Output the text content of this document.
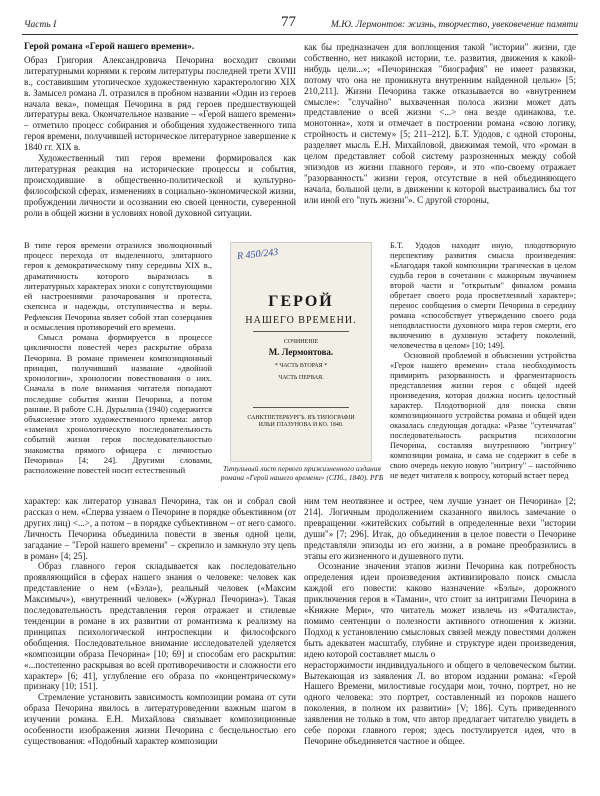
Часть I	77	М.Ю. Лермонтов: жизнь, творчество, увековечение памяти
Герой романа «Герой нашего времени».

Образ Григория Александровича Печорина восходит своими литературными корнями к героям литературы последней трети XVIII в., составившим утопическое художественную характерологию XIX в. Замысел романа Л. отразился в пробном названии «Один из героев начала века», помещая Печорина в ряд героев предшествующей литературы века. Окончательное название – «Герой нашего времени» – отметило процесс собирания и обобщения художественного типа героя времени, получившей историческое литературное завершение к 1840 гг. XIX в.

Художественный тип героя времени формировался как литературная реакция на исторические процессы и события, происходившие в общественно-политической и культурно-философской сферах, изменениях в социально-экономической жизни, пробуждении личности и осознании ею своей ценности, суверенной роли в общей жизни в условиях новой духовной ситуации.

В типе героя времени отразился эволюционный процесс перехода от выделенного, элитарного героя к демократическому типу середины XIX в., драматичность которого выразилась в литературных характерах эпохи с сопутствующими ей настроениями разочарования и протеста, скепсиса и надежды, отступничества и веры. Рефлексия Печорина являет собой этап созерцания и осмысления противоречий его времени.

Смысл романа формируется в процессе цикличности повестей через раскрытие образа Печорина. В романе применен композиционный принцип, получивший название «двойной хронологии», хронологии повествования о них. Сначала в поле внимания читателя попадают последние события жизни Печорина, а потом ранние. В работе С.Н. Дурылина (1940) содержится объяснение этого художественного приема: автор «заменил хронологическую последовательность событий жизни героя последовательностью знакомства прямого офицера с личностью Печорина» [4; 24]. Другими словами, расположение повестей носит естественный

R 450/243
ГЕРОЙ
НАШЕГО ВРЕМЕНИ.
СОЧИНЕНІЕ
М. Лермонтова.
* ЧАСТЬ ВТОРАЯ *
ЧАСТЬ ПЕРВАЯ.
САНКТПЕТЕРБУРГЪ. ВЪ ТИПОГРАФІИ ИЛЬИ ГЛАЗУНОВА И КО. 1840.
Титульный лист первого прижизненного издания романа «Герой нашего времени» (СПб., 1840). РГБ

характер: как литератор узнавал Печорина, так он и собрал свой рассказ о нем. «Сперва узнаем о Печорине в порядке объективном (от других лиц) <...>, а потом – в порядке субъективном – от него самого. Личность Печорина объединила повести в звенья одной цели, загадание – "Герой нашего времени" – скрепило и замкнуло эту цепь в роман» [4; 25].

Образ главного героя складывается как последовательно проявляющийся в сферах нашего знания о человеке: человек как представление о нем («Бэла»), реальный человек («Максим Максимыч»), «внутренний человек» («Журнал Печорина»). Такая последовательность представления героя отражает и стилевые тенденции в романе в их развитии от романтизма к реализму на принципах психологической интроспекции и философского обобщения. Последовательное внимание исследователей уделяется «композиции образа Печорина» [10; 69] и способам его раскрытия: «...постепенно раскрывая во всей противоречивости и сложности его характер» [6; 41], углубление его образа по «концентрическому» признаку [10; 151].

Стремление установить зависимость композиции романа от сути образа Печорина явилось в литературоведении важным шагом в изучении романа. Е.Н. Михайлова связывает композиционные особенности изображения жизни Печорина с бесцельностью его существования: «Подобный характер композиции

как бы предназначен для воплощения такой "истории" жизни, где собственно, нет никакой истории, т.е. развития, движения к какой-нибудь цели...»; «Печоринская "биография" не имеет развязки, потому что она не проникнута внутренним найденной целью» [5; 210,211]. Жизни Печорина также отказывается во «внутреннем смысле»: "случайно" выхваченная полоса жизни может дать представление о всей жизни <...> она везде одинакова, т.е. монотонна», хотя и отмечает в построении романа «свою логику, стройность и систему» [5; 211–212]. Б.Т. Удодов, с одной стороны, разделяет мысль Е.Н. Михайловой, движимая темой, что «роман в целом представляет собой систему разрозненных между собой эпизодов из жизни главного героя», и это «по-своему отражает "разорванность" жизни героя, отсутствие в ней объединяющего начала, большой цели, в движении к которой выстраивались бы тот или иной его "путь жизни"». С другой стороны,

Б.Т. Удодов находит иную, плодотворную перспективу развития смысла произведения: «Благодаря такой композиции трагическая в целом судьба героя в сочетании с мажорным звучанием второй части и "открытым" финалом романа обретает своего рода просветленный характер»; перенос сообщения о смерти Печорина в середину романа «способствует утверждению своего рода неподвластности духовного мира героя смерти, его включению в духовную эстафету поколений, человечества в целом» [10; 149].

Основной проблемой в объяснении устройства «Героя нашего времени» стала необходимость примирить разорванность и фрагментарность представления жизни героя с общей идеей произведения, которая должна носить целостный характер. Плодотворной для поиска связи композиционного устройства романа и общей идеи оказалась следующая догадка: «Разве "сутенчатая" последовательность раскрытия психологии Печорина, составляя внутреннюю "интригу" композиции романа, и сама не содержит в себе в свою очередь некую новую "интригу" – настойчиво не ведет читателя к вопросу, который встает перед

ним тем неотвязнее и острее, чем лучше узнает он Печорина» [2; 214]. Логичным продолжением сказанного явилось замечание о превращении «житейских событий в определенные вехи "истории души"» [7; 296]. Итак, до объединения в целое повести о Печорине представляли эпизоды из его жизни, а в романе преобразились в этапы его жизненного и душевного пути.

Осознание значения этапов жизни Печорина как потребность определения идеи произведения активизировало поиск смысла каждой его повести: каково назначение «Бэлы», дорожного приключения героя в «Тамани», что стоит за интригами Печорина в «Княжне Мери», что читатель может извлечь из «Фаталиста», помимо сентенции о полезности активного отношения к жизни. Подход к установлению смысловых связей между повестями должен быть адекватен масштабу, глубине и структуре идеи произведения, идею которой составляет мысль о

нерасторжимости индивидуального и общего в человеческом бытии. Вытекающая из заявления Л. во втором издании романа: «Герой Нашего Времени, милостивые государи мои, точно, портрет, но не одного человека: это портрет, составленный из пороков нашего поколения, в полном их развитии» [V; 186]. Суть приведенного заявления не только в том, что автор предлагает читателю увидеть в себе пороки главного героя; здесь постулируется идея, что в Печорине объединяется частное и общее.
